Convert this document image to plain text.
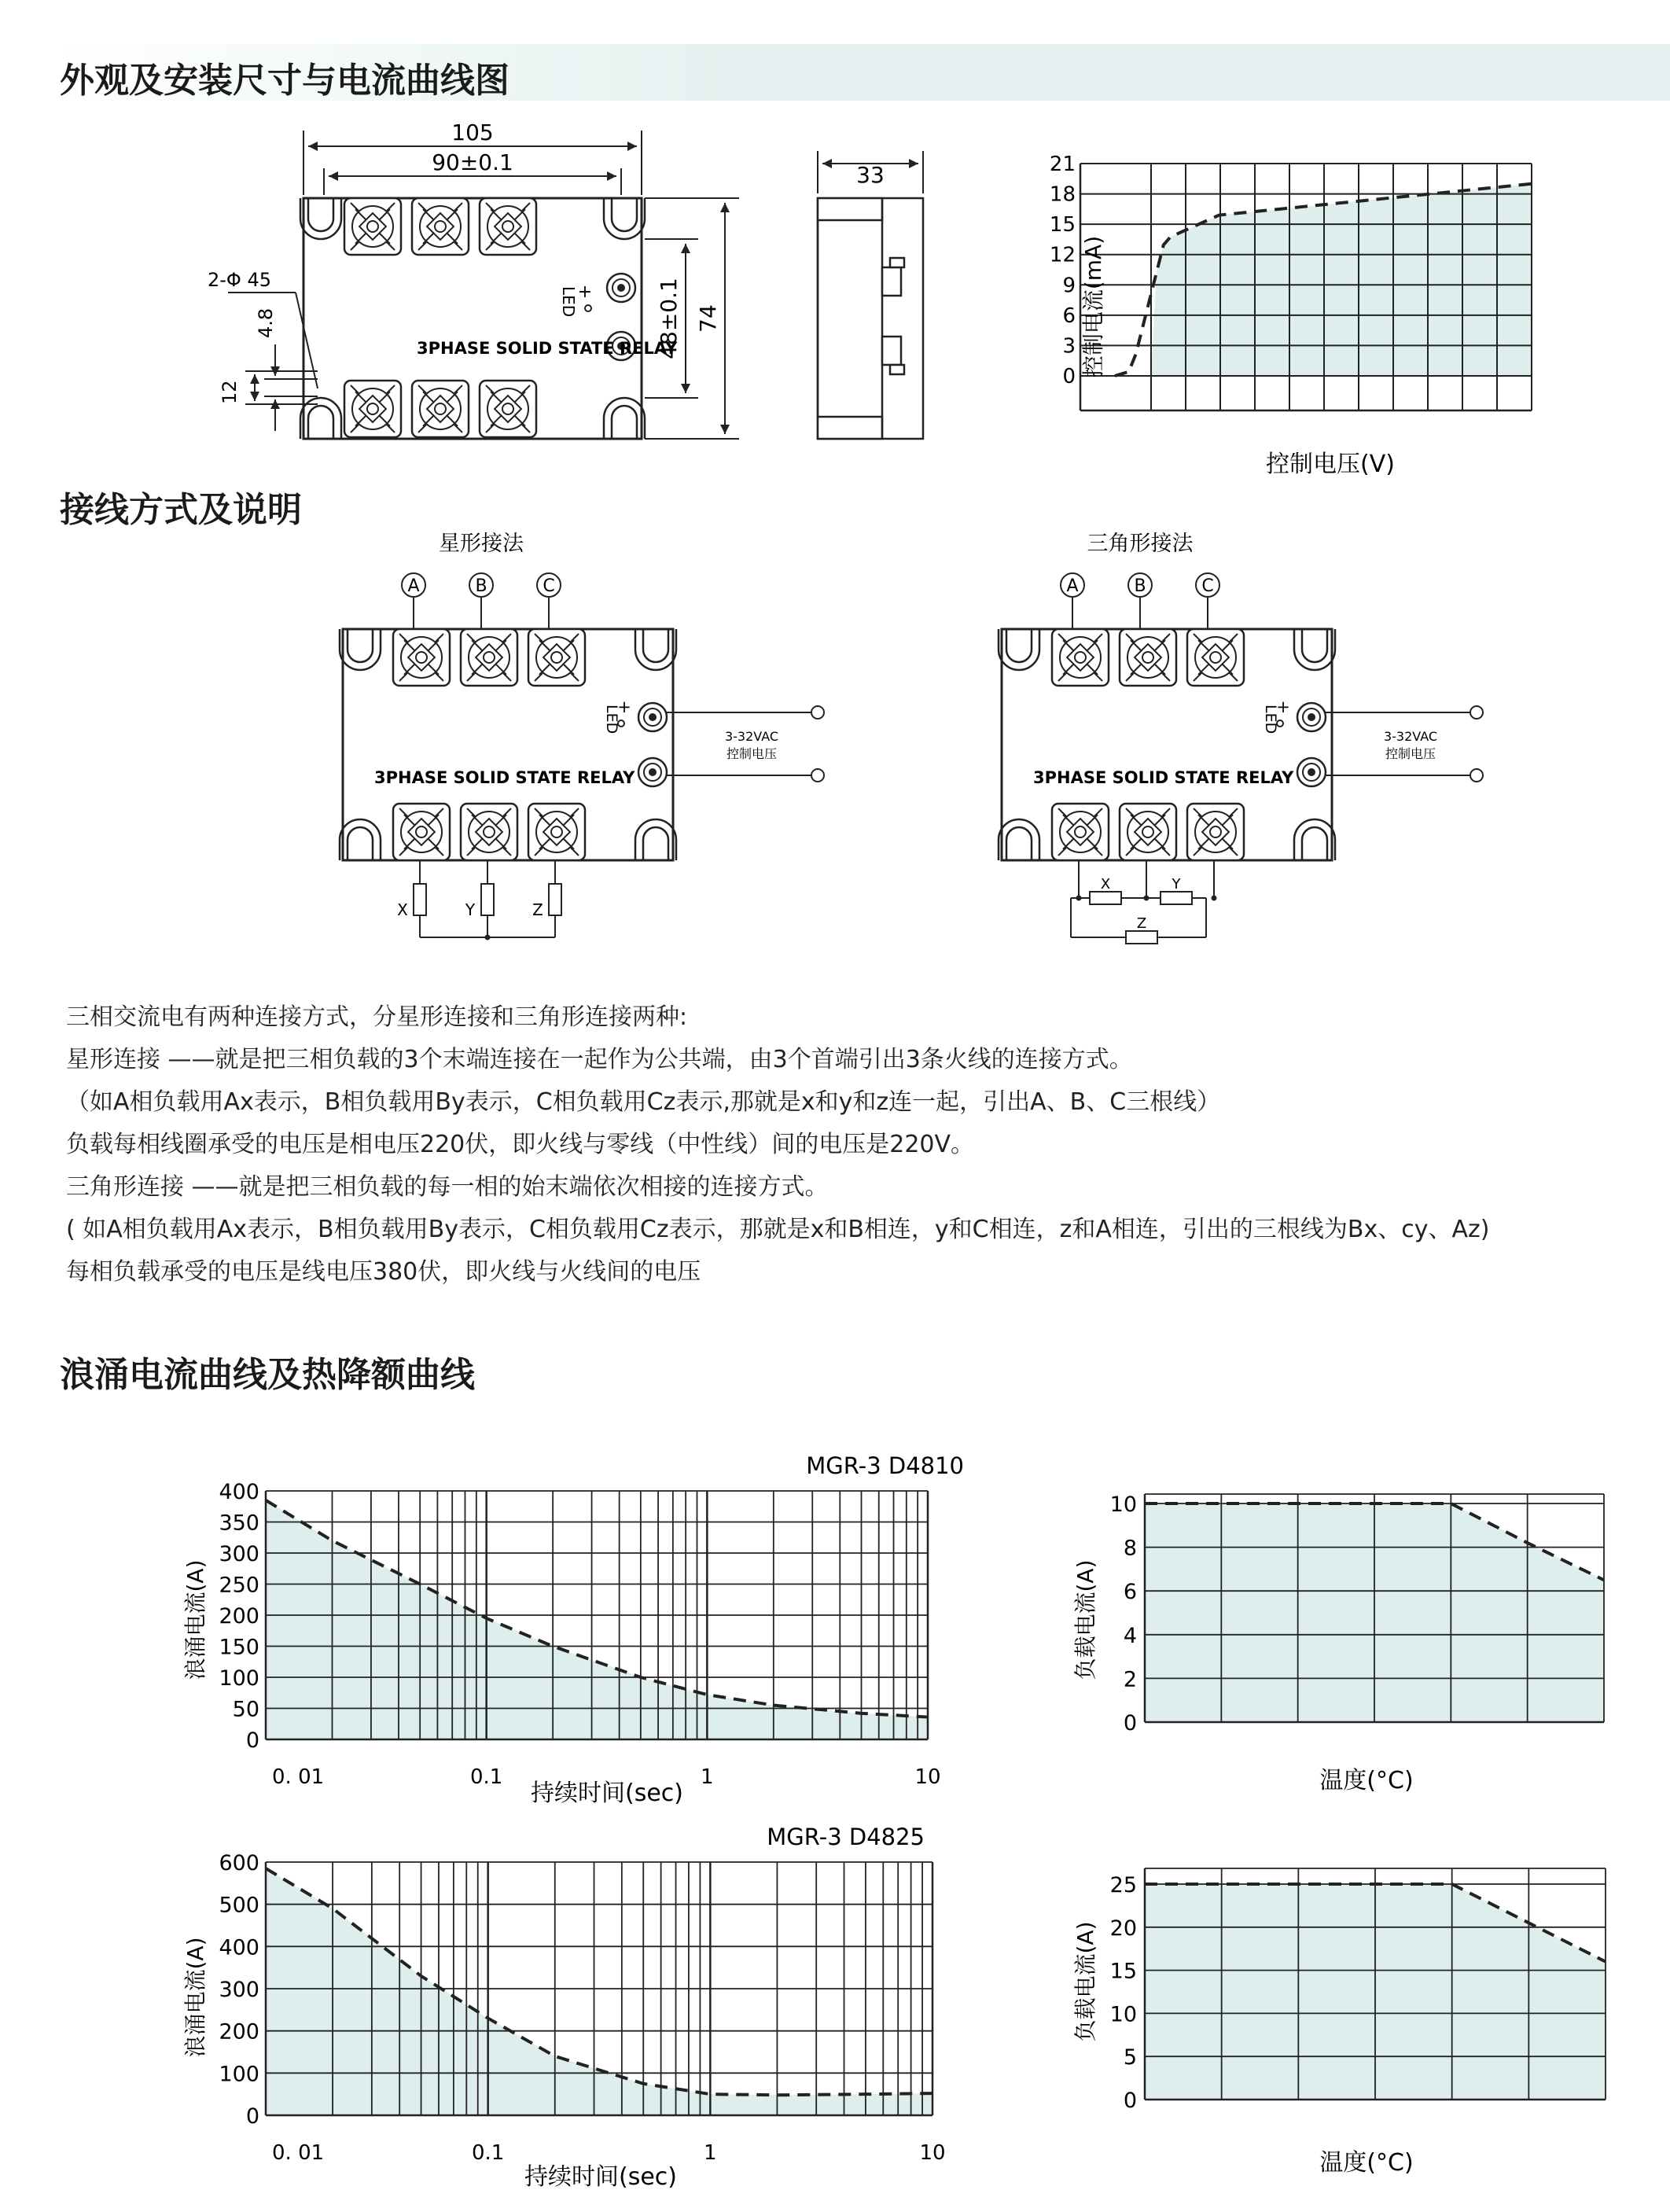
外观及安装尺寸与电流曲线图
接线方式及说明
浪涌电流曲线及热降额曲线
三相交流电有两种连接方式，分星形连接和三角形连接两种:
星形连接 ——就是把三相负载的3个末端连接在一起作为公共端，由3个首端引出3条火线的连接方式。
（如A相负载用Ax表示，B相负载用By表示，C相负载用Cz表示,那就是x和y和z连一起，引出A、B、C三根线）
负载每相线圈承受的电压是相电压220伏，即火线与零线（中性线）间的电压是220V。
三角形连接 ——就是把三相负载的每一相的始末端依次相接的连接方式。
( 如A相负载用Ax表示，B相负载用By表示，C相负载用Cz表示，那就是x和B相连，y和C相连，z和A相连，引出的三根线为Bx、cy、Az)
每相负载承受的电压是线电压380伏，即火线与火线间的电压
3PHASE SOLID STATE RELAY
LED +
105
90±0.1
2-Φ 45
4.8
12
48±0.1 74
33	21
18
15
12
9
6
3
0 控制电流(mA)
控制电压(V)
3PHASE SOLID STATE RELAY
LED
+
3-32VAC
控制电压
A	B	C
X	Y	Z
3PHASE SOLID STATE RELAY
LED
+
3-32VAC
控制电压
A	B	C
X	Y
Z
星形接法	三角形接法
400
350
300
250
200
150
100
50
0
0. 01	0.1	1	10
10
8
6
4
2
0
600
500
400
300
200
100
0
0. 01	0.1	1	10
25
20
15
10
5
0
MGR-3 D4810
MGR-3 D4825
持续时间(sec)
持续时间(sec)
温度(°C)
温度(°C)
浪涌电流(A)
浪涌电流(A)
负载电流(A)
负载电流(A)
